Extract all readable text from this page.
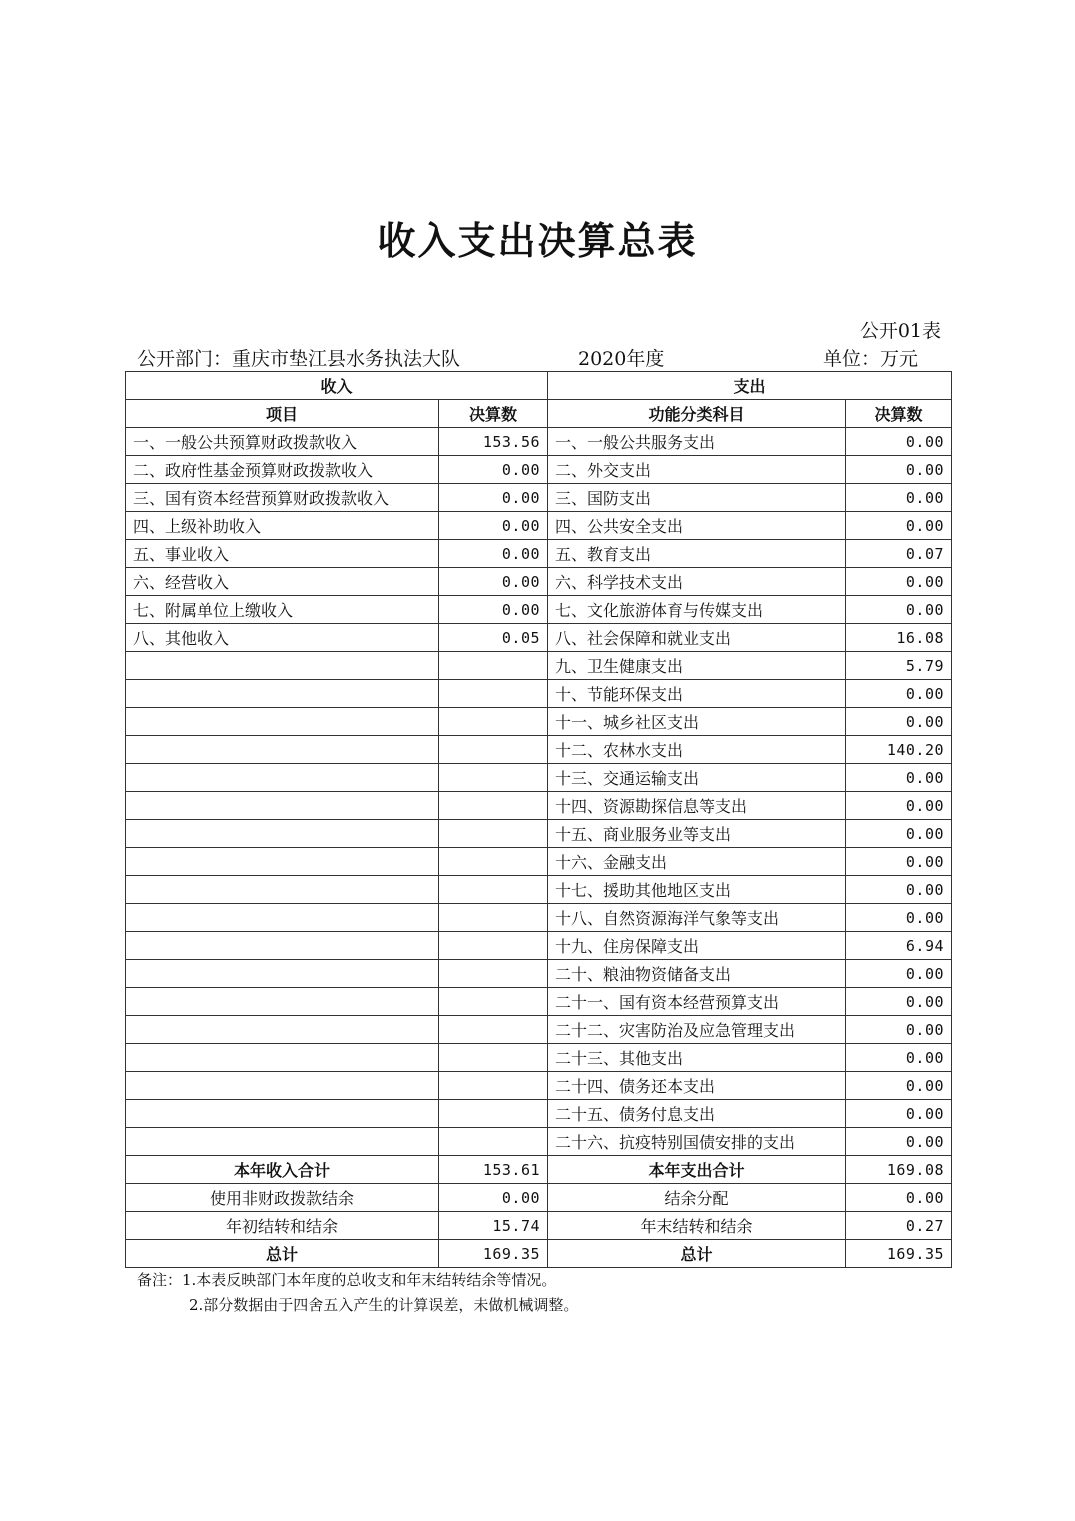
收入支出决算总表
公开01表
公开部门：重庆市垫江县水务执法大队	2020年度	单位：万元
收入		支出	
项目	决算数	功能分类科目	决算数
一、一般公共预算财政拨款收入	153.56	一、一般公共服务支出	0.00
二、政府性基金预算财政拨款收入	0.00	二、外交支出	0.00
三、国有资本经营预算财政拨款收入	0.00	三、国防支出	0.00
四、上级补助收入	0.00	四、公共安全支出	0.00
五、事业收入	0.00	五、教育支出	0.07
六、经营收入	0.00	六、科学技术支出	0.00
七、附属单位上缴收入	0.00	七、文化旅游体育与传媒支出	0.00
八、其他收入	0.05	八、社会保障和就业支出	16.08
		九、卫生健康支出	5.79
		十、节能环保支出	0.00
		十一、城乡社区支出	0.00
		十二、农林水支出	140.20
		十三、交通运输支出	0.00
		十四、资源勘探信息等支出	0.00
		十五、商业服务业等支出	0.00
		十六、金融支出	0.00
		十七、援助其他地区支出	0.00
		十八、自然资源海洋气象等支出	0.00
		十九、住房保障支出	6.94
		二十、粮油物资储备支出	0.00
		二十一、国有资本经营预算支出	0.00
		二十二、灾害防治及应急管理支出	0.00
		二十三、其他支出	0.00
		二十四、债务还本支出	0.00
		二十五、债务付息支出	0.00
		二十六、抗疫特别国债安排的支出	0.00
本年收入合计	153.61	本年支出合计	169.08
使用非财政拨款结余	0.00	结余分配	0.00
年初结转和结余	15.74	年末结转和结余	0.27
总计	169.35	总计	169.35
备注：1.本表反映部门本年度的总收支和年末结转结余等情况。
2.部分数据由于四舍五入产生的计算误差，未做机械调整。
